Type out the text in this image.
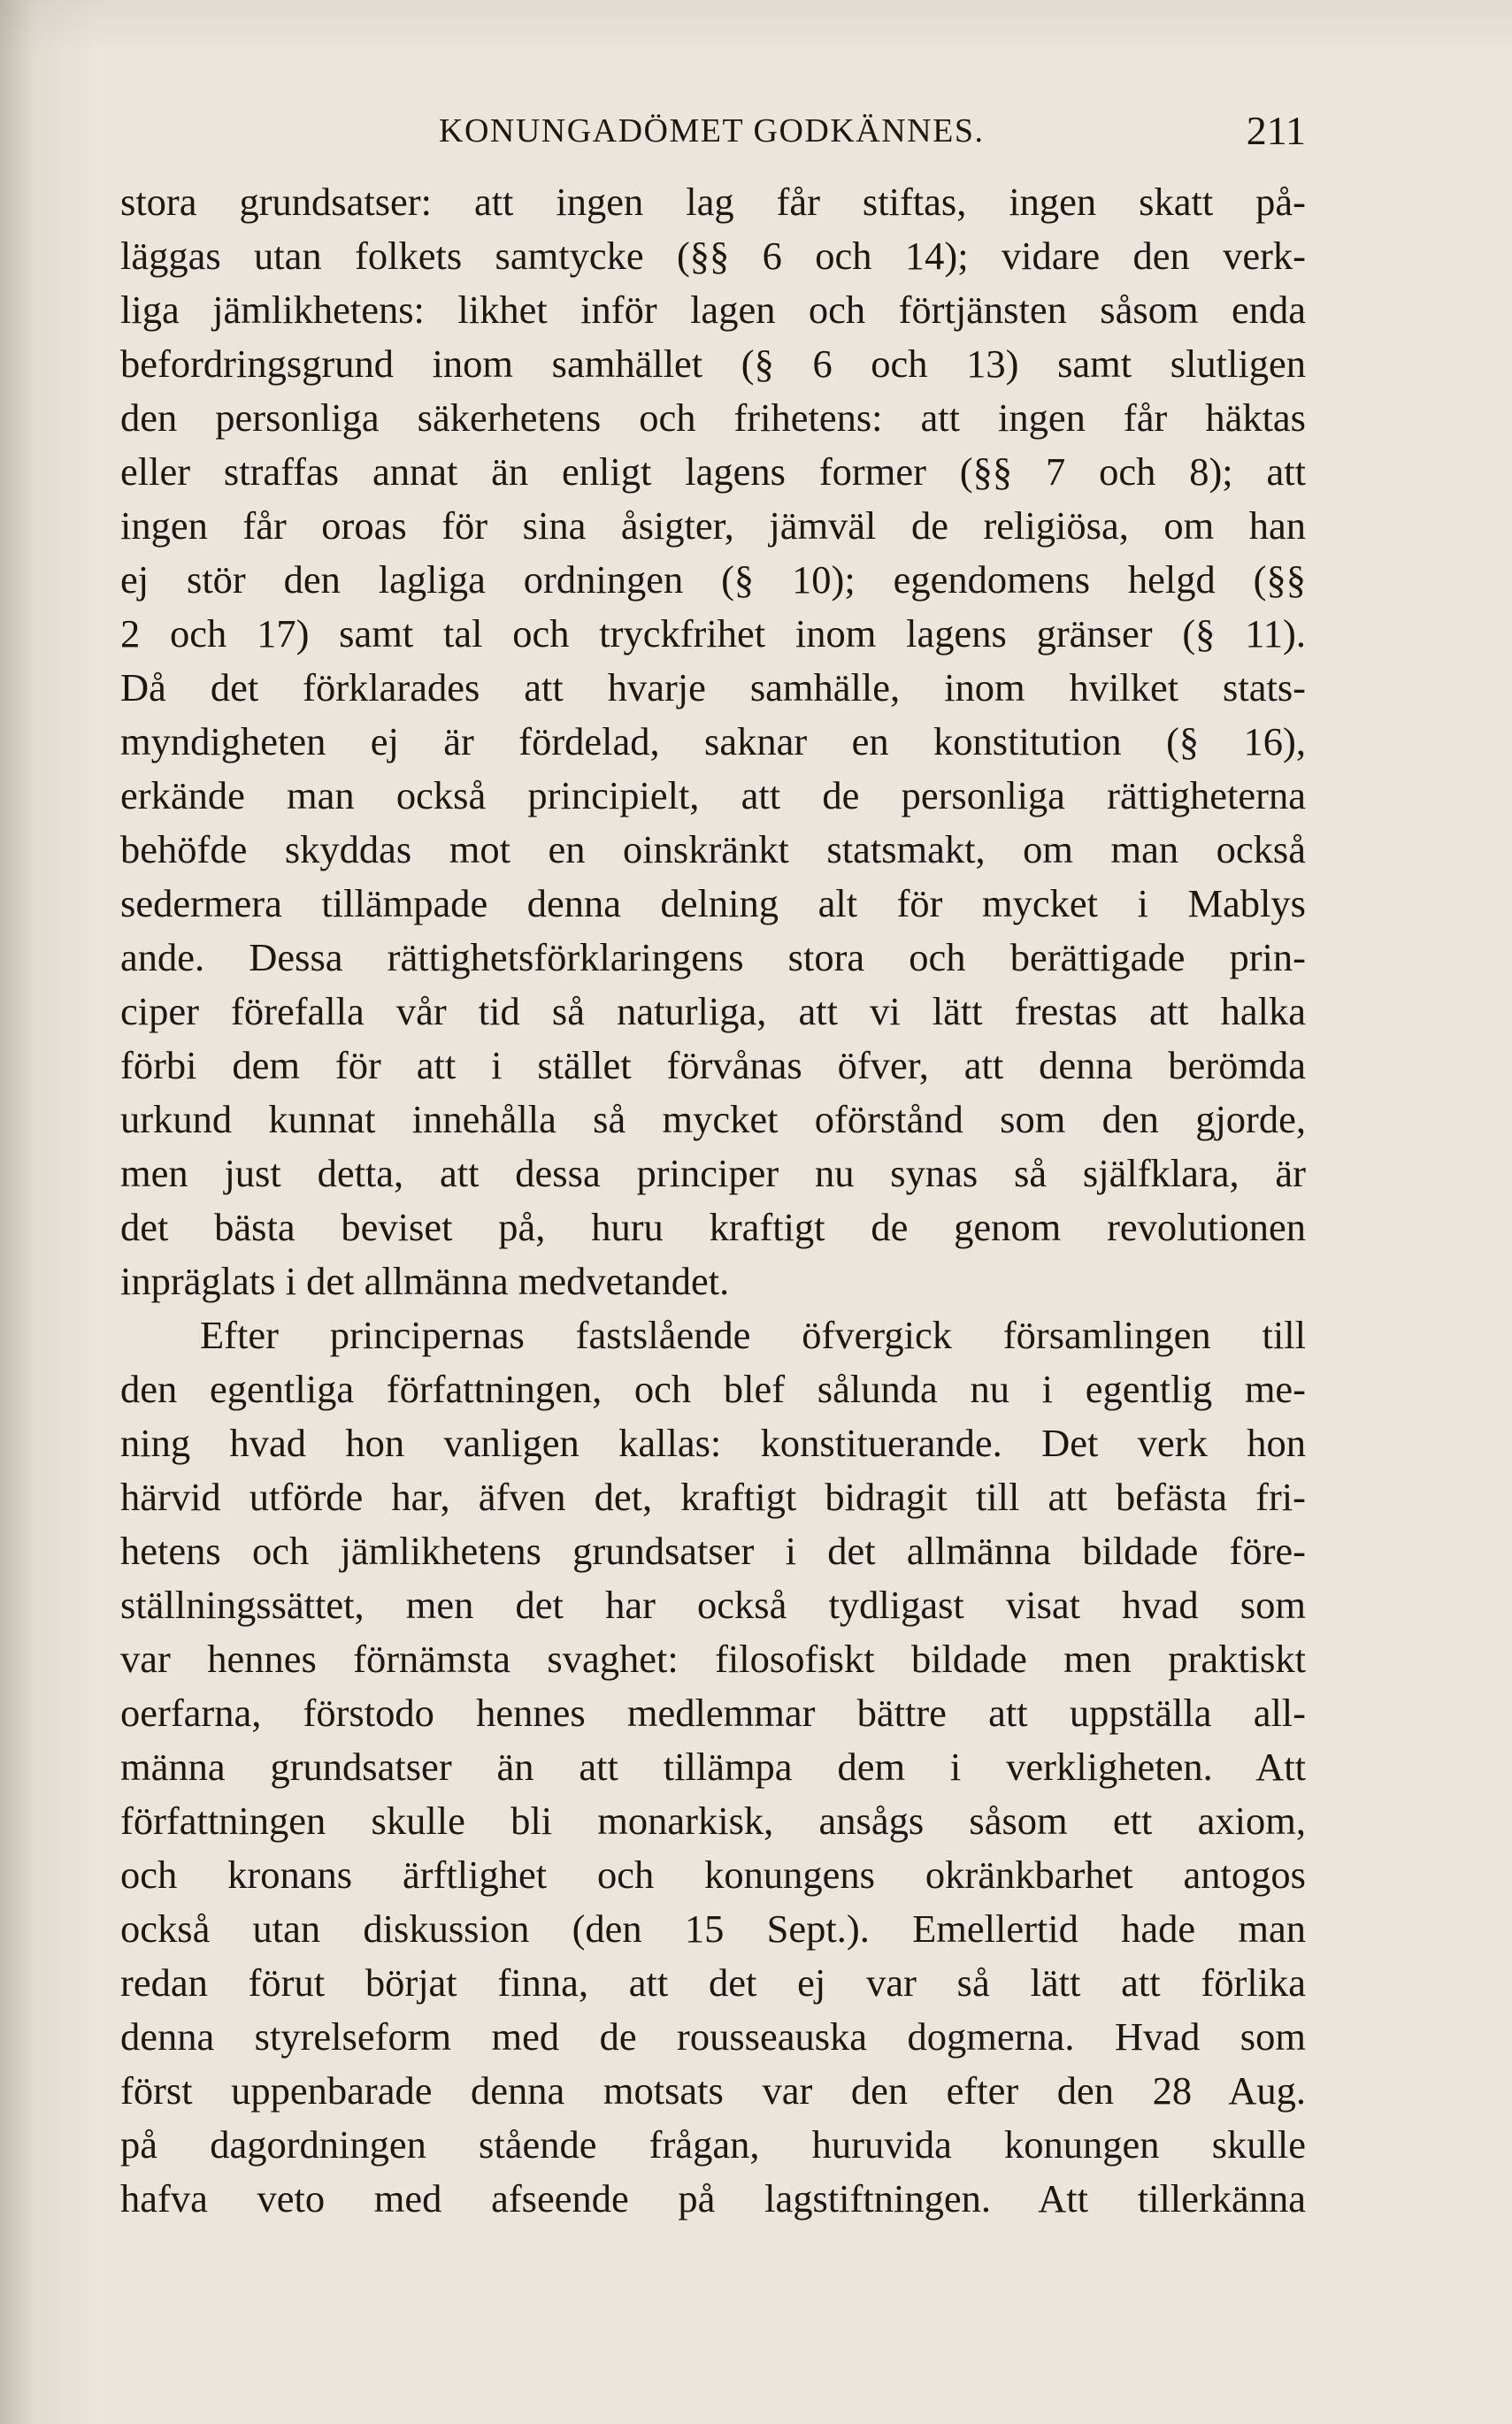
KONUNGADÖMET GODKÄNNES.	211
stora grundsatser: att ingen lag får stiftas, ingen skatt på-
läggas utan folkets samtycke (§§ 6 och 14); vidare den verk-
liga jämlikhetens: likhet inför lagen och förtjänsten såsom enda
befordringsgrund inom samhället (§ 6 och 13) samt slutligen
den personliga säkerhetens och frihetens: att ingen får häktas
eller straffas annat än enligt lagens former (§§ 7 och 8); att
ingen får oroas för sina åsigter, jämväl de religiösa, om han
ej stör den lagliga ordningen (§ 10); egendomens helgd (§§
2 och 17) samt tal och tryckfrihet inom lagens gränser (§ 11).
Då det förklarades att hvarje samhälle, inom hvilket stats-
myndigheten ej är fördelad, saknar en konstitution (§ 16),
erkände man också principielt, att de personliga rättigheterna
behöfde skyddas mot en oinskränkt statsmakt, om man också
sedermera tillämpade denna delning alt för mycket i Mablys
ande. Dessa rättighetsförklaringens stora och berättigade prin-
ciper förefalla vår tid så naturliga, att vi lätt frestas att halka
förbi dem för att i stället förvånas öfver, att denna berömda
urkund kunnat innehålla så mycket oförstånd som den gjorde,
men just detta, att dessa principer nu synas så själfklara, är
det bästa beviset på, huru kraftigt de genom revolutionen
inpräglats i det allmänna medvetandet.
Efter principernas fastslående öfvergick församlingen till
den egentliga författningen, och blef sålunda nu i egentlig me-
ning hvad hon vanligen kallas: konstituerande. Det verk hon
härvid utförde har, äfven det, kraftigt bidragit till att befästa fri-
hetens och jämlikhetens grundsatser i det allmänna bildade före-
ställningssättet, men det har också tydligast visat hvad som
var hennes förnämsta svaghet: filosofiskt bildade men praktiskt
oerfarna, förstodo hennes medlemmar bättre att uppställa all-
männa grundsatser än att tillämpa dem i verkligheten. Att
författningen skulle bli monarkisk, ansågs såsom ett axiom,
och kronans ärftlighet och konungens okränkbarhet antogos
också utan diskussion (den 15 Sept.). Emellertid hade man
redan förut börjat finna, att det ej var så lätt att förlika
denna styrelseform med de rousseauska dogmerna. Hvad som
först uppenbarade denna motsats var den efter den 28 Aug.
på dagordningen stående frågan, huruvida konungen skulle
hafva veto med afseende på lagstiftningen. Att tillerkänna
